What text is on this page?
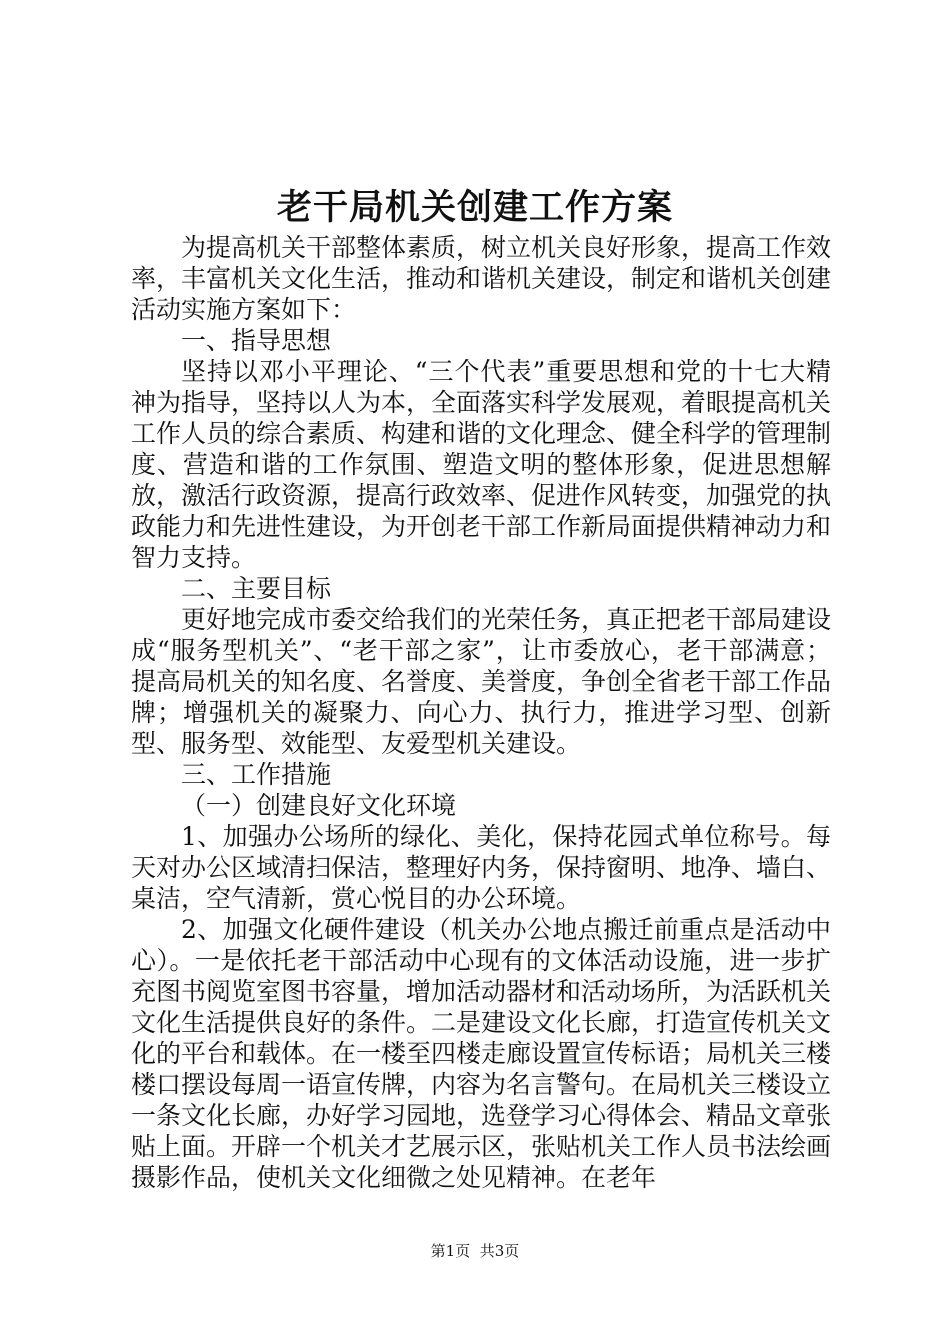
老干局机关创建工作方案

为提高机关干部整体素质，树立机关良好形象，提高工作效率，丰富机关文化生活，推动和谐机关建设，制定和谐机关创建活动实施方案如下：

一、指导思想

坚持以邓小平理论、“三个代表”重要思想和党的十七大精神为指导，坚持以人为本，全面落实科学发展观，着眼提高机关工作人员的综合素质、构建和谐的文化理念、健全科学的管理制度、营造和谐的工作氛围、塑造文明的整体形象，促进思想解放，激活行政资源，提高行政效率、促进作风转变，加强党的执政能力和先进性建设，为开创老干部工作新局面提供精神动力和智力支持。

二、主要目标

更好地完成市委交给我们的光荣任务，真正把老干部局建设成“服务型机关”、“老干部之家”，让市委放心，老干部满意；提高局机关的知名度、名誉度、美誉度，争创全省老干部工作品牌；增强机关的凝聚力、向心力、执行力，推进学习型、创新型、服务型、效能型、友爱型机关建设。

三、工作措施

（一）创建良好文化环境

1、加强办公场所的绿化、美化，保持花园式单位称号。每天对办公区域清扫保洁，整理好内务，保持窗明、地净、墙白、桌洁，空气清新，赏心悦目的办公环境。

2、加强文化硬件建设（机关办公地点搬迁前重点是活动中心）。一是依托老干部活动中心现有的文体活动设施，进一步扩充图书阅览室图书容量，增加活动器材和活动场所，为活跃机关文化生活提供良好的条件。二是建设文化长廊，打造宣传机关文化的平台和载体。在一楼至四楼走廊设置宣传标语；局机关三楼楼口摆设每周一语宣传牌，内容为名言警句。在局机关三楼设立一条文化长廊，办好学习园地，选登学习心得体会、精品文章张贴上面。开辟一个机关才艺展示区，张贴机关工作人员书法绘画摄影作品，使机关文化细微之处见精神。在老年

第1页 共3页
